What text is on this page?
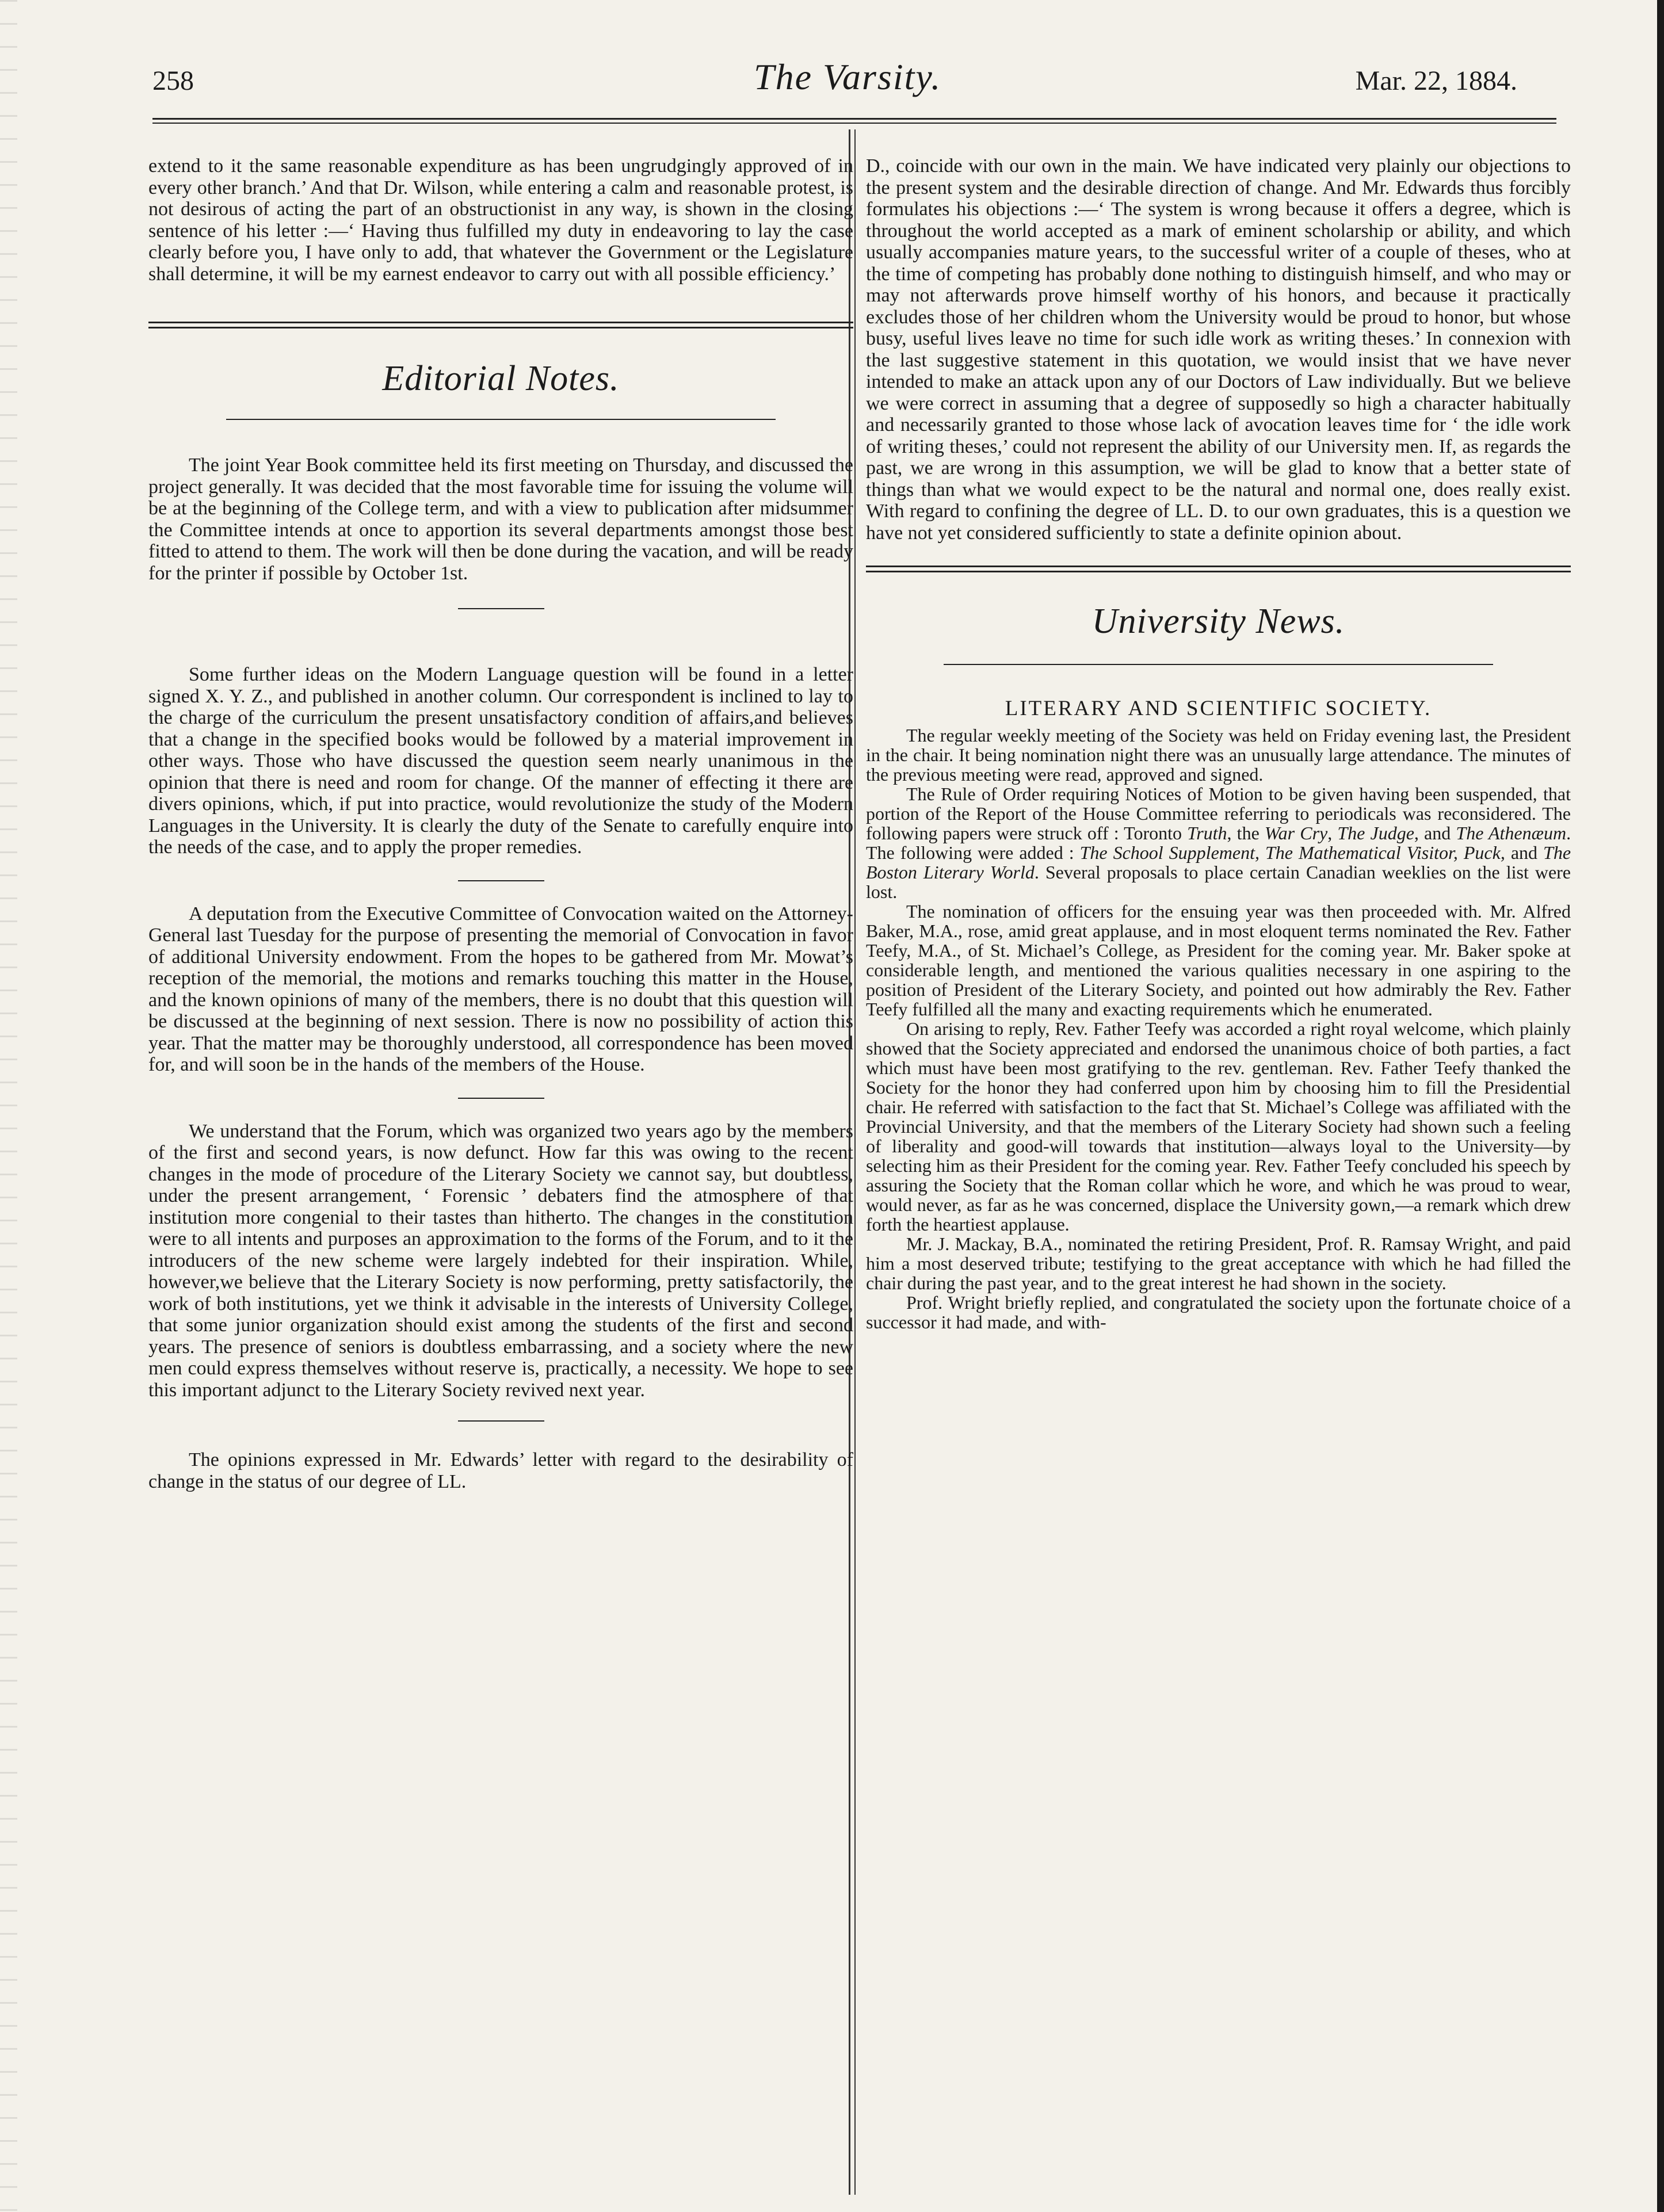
258	The Varsity.	Mar. 22, 1884.

extend to it the same reasonable expenditure as has been ungrudgingly approved of in every other branch.’ And that Dr. Wilson, while entering a calm and reasonable protest, is not desirous of acting the part of an obstructionist in any way, is shown in the closing sentence of his letter :—‘ Having thus fulfilled my duty in endeavoring to lay the case clearly before you, I have only to add, that whatever the Government or the Legislature shall determine, it will be my earnest endeavor to carry out with all possible efficiency.’

Editorial Notes.

The joint Year Book committee held its first meeting on Thursday, and discussed the project generally. It was decided that the most favorable time for issuing the volume will be at the beginning of the College term, and with a view to publication after midsummer the Committee intends at once to apportion its several departments amongst those best fitted to attend to them. The work will then be done during the vacation, and will be ready for the printer if possible by October 1st.

Some further ideas on the Modern Language question will be found in a letter signed X. Y. Z., and published in another column. Our correspondent is inclined to lay to the charge of the curriculum the present unsatisfactory condition of affairs,and believes that a change in the specified books would be followed by a material improvement in other ways. Those who have discussed the question seem nearly unanimous in the opinion that there is need and room for change. Of the manner of effecting it there are divers opinions, which, if put into practice, would revolutionize the study of the Modern Languages in the University. It is clearly the duty of the Senate to carefully enquire into the needs of the case, and to apply the proper remedies.

A deputation from the Executive Committee of Convocation waited on the Attorney-General last Tuesday for the purpose of presenting the memorial of Convocation in favor of additional University endowment. From the hopes to be gathered from Mr. Mowat’s reception of the memorial, the motions and remarks touching this matter in the House, and the known opinions of many of the members, there is no doubt that this question will be discussed at the beginning of next session. There is now no possibility of action this year. That the matter may be thoroughly understood, all correspondence has been moved for, and will soon be in the hands of the members of the House.

We understand that the Forum, which was organized two years ago by the members of the first and second years, is now defunct. How far this was owing to the recent changes in the mode of procedure of the Literary Society we cannot say, but doubtless, under the present arrangement, ‘ Forensic ’ debaters find the atmosphere of that institution more congenial to their tastes than hitherto. The changes in the constitution were to all intents and purposes an approximation to the forms of the Forum, and to it the introducers of the new scheme were largely indebted for their inspiration. While, however,we believe that the Literary Society is now performing, pretty satisfactorily, the work of both institutions, yet we think it advisable in the interests of University College, that some junior organization should exist among the students of the first and second years. The presence of seniors is doubtless embarrassing, and a society where the new men could express themselves without reserve is, practically, a necessity. We hope to see this important adjunct to the Literary Society revived next year.

The opinions expressed in Mr. Edwards’ letter with regard to the desirability of change in the status of our degree of LL.

D., coincide with our own in the main. We have indicated very plainly our objections to the present system and the desirable direction of change. And Mr. Edwards thus forcibly formulates his objections :—‘ The system is wrong because it offers a degree, which is throughout the world accepted as a mark of eminent scholarship or ability, and which usually accompanies mature years, to the successful writer of a couple of theses, who at the time of competing has probably done nothing to distinguish himself, and who may or may not afterwards prove himself worthy of his honors, and because it practically excludes those of her children whom the University would be proud to honor, but whose busy, useful lives leave no time for such idle work as writing theses.’ In connexion with the last suggestive statement in this quotation, we would insist that we have never intended to make an attack upon any of our Doctors of Law individually. But we believe we were correct in assuming that a degree of supposedly so high a character habitually and necessarily granted to those whose lack of avocation leaves time for ‘ the idle work of writing theses,’ could not represent the ability of our University men. If, as regards the past, we are wrong in this assumption, we will be glad to know that a better state of things than what we would expect to be the natural and normal one, does really exist. With regard to confining the degree of LL. D. to our own graduates, this is a question we have not yet considered sufficiently to state a definite opinion about.

University News.
LITERARY AND SCIENTIFIC SOCIETY.

The regular weekly meeting of the Society was held on Friday evening last, the President in the chair. It being nomination night there was an unusually large attendance. The minutes of the previous meeting were read, approved and signed.

The Rule of Order requiring Notices of Motion to be given having been suspended, that portion of the Report of the House Committee referring to periodicals was reconsidered. The following papers were struck off : Toronto Truth, the War Cry, The Judge, and The Athenæum. The following were added : The School Supplement, The Mathematical Visitor, Puck, and The Boston Literary World. Several proposals to place certain Canadian weeklies on the list were lost.

The nomination of officers for the ensuing year was then proceeded with. Mr. Alfred Baker, M.A., rose, amid great applause, and in most eloquent terms nominated the Rev. Father Teefy, M.A., of St. Michael’s College, as President for the coming year. Mr. Baker spoke at considerable length, and mentioned the various qualities necessary in one aspiring to the position of President of the Literary Society, and pointed out how admirably the Rev. Father Teefy fulfilled all the many and exacting requirements which he enumerated.

On arising to reply, Rev. Father Teefy was accorded a right royal welcome, which plainly showed that the Society appreciated and endorsed the unanimous choice of both parties, a fact which must have been most gratifying to the rev. gentleman. Rev. Father Teefy thanked the Society for the honor they had conferred upon him by choosing him to fill the Presidential chair. He referred with satisfaction to the fact that St. Michael’s College was affiliated with the Provincial University, and that the members of the Literary Society had shown such a feeling of liberality and good-will towards that institution—always loyal to the University—by selecting him as their President for the coming year. Rev. Father Teefy concluded his speech by assuring the Society that the Roman collar which he wore, and which he was proud to wear, would never, as far as he was concerned, displace the University gown,—a remark which drew forth the heartiest applause.

Mr. J. Mackay, B.A., nominated the retiring President, Prof. R. Ramsay Wright, and paid him a most deserved tribute; testifying to the great acceptance with which he had filled the chair during the past year, and to the great interest he had shown in the society.

Prof. Wright briefly replied, and congratulated the society upon the fortunate choice of a successor it had made, and with-
